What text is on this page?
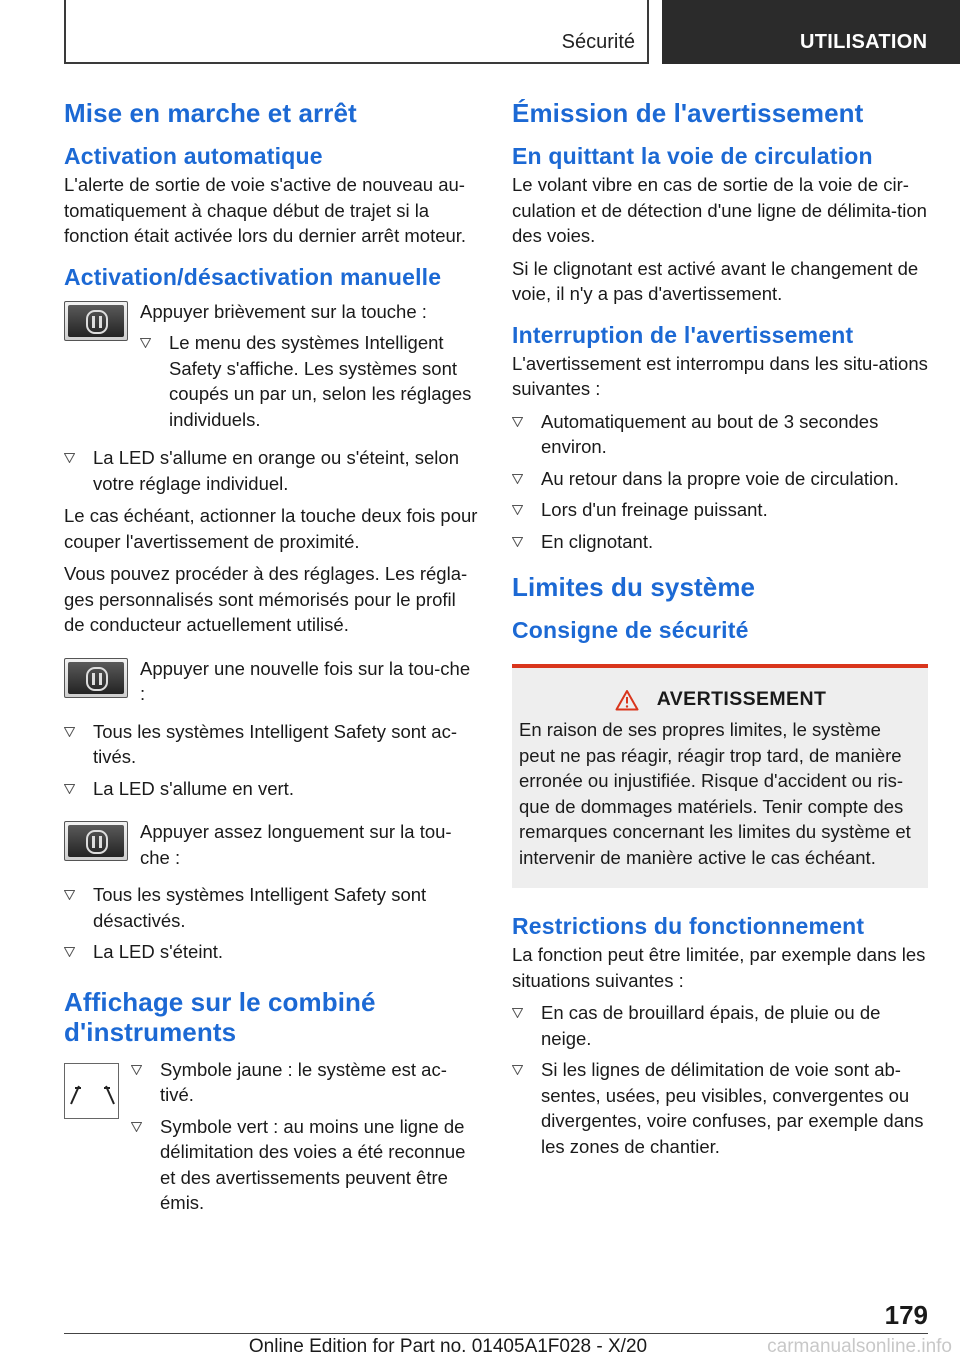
Sécurité	UTILISATION
Mise en marche et arrêt
Activation automatique

L'alerte de sortie de voie s'active de nouveau au-tomatiquement à chaque début de trajet si la fonction était activée lors du dernier arrêt moteur.

Activation/désactivation manuelle

Appuyer brièvement sur la touche :

Le menu des systèmes Intelligent Safety s'affiche. Les systèmes sont coupés un par un, selon les réglages individuels.
La LED s'allume en orange ou s'éteint, selon votre réglage individuel.

Le cas échéant, actionner la touche deux fois pour couper l'avertissement de proximité.

Vous pouvez procéder à des réglages. Les régla-ges personnalisés sont mémorisés pour le profil de conducteur actuellement utilisé.

Appuyer une nouvelle fois sur la tou-che :

Tous les systèmes Intelligent Safety sont ac-tivés.
La LED s'allume en vert.

Appuyer assez longuement sur la tou-che :

Tous les systèmes Intelligent Safety sont désactivés.
La LED s'éteint.
Affichage sur le combiné d'instruments
Symbole jaune : le système est ac-tivé.
Symbole vert : au moins une ligne de délimitation des voies a été reconnue et des avertissements peuvent être émis.
Émission de l'avertissement
En quittant la voie de circulation

Le volant vibre en cas de sortie de la voie de cir-culation et de détection d'une ligne de délimita-tion des voies.

Si le clignotant est activé avant le changement de voie, il n'y a pas d'avertissement.

Interruption de l'avertissement

L'avertissement est interrompu dans les situ-ations suivantes :

Automatiquement au bout de 3 secondes environ.
Au retour dans la propre voie de circulation.
Lors d'un freinage puissant.
En clignotant.
Limites du système
Consigne de sécurité
AVERTISSEMENT

En raison de ses propres limites, le système peut ne pas réagir, réagir trop tard, de manière erronée ou injustifiée. Risque d'accident ou ris-que de dommages matériels. Tenir compte des remarques concernant les limites du système et intervenir de manière active le cas échéant.

Restrictions du fonctionnement

La fonction peut être limitée, par exemple dans les situations suivantes :

En cas de brouillard épais, de pluie ou de neige.
Si les lignes de délimitation de voie sont ab-sentes, usées, peu visibles, convergentes ou divergentes, voire confuses, par exemple dans les zones de chantier.
179
Online Edition for Part no. 01405A1F028 - X/20	carmanualsonline.info
